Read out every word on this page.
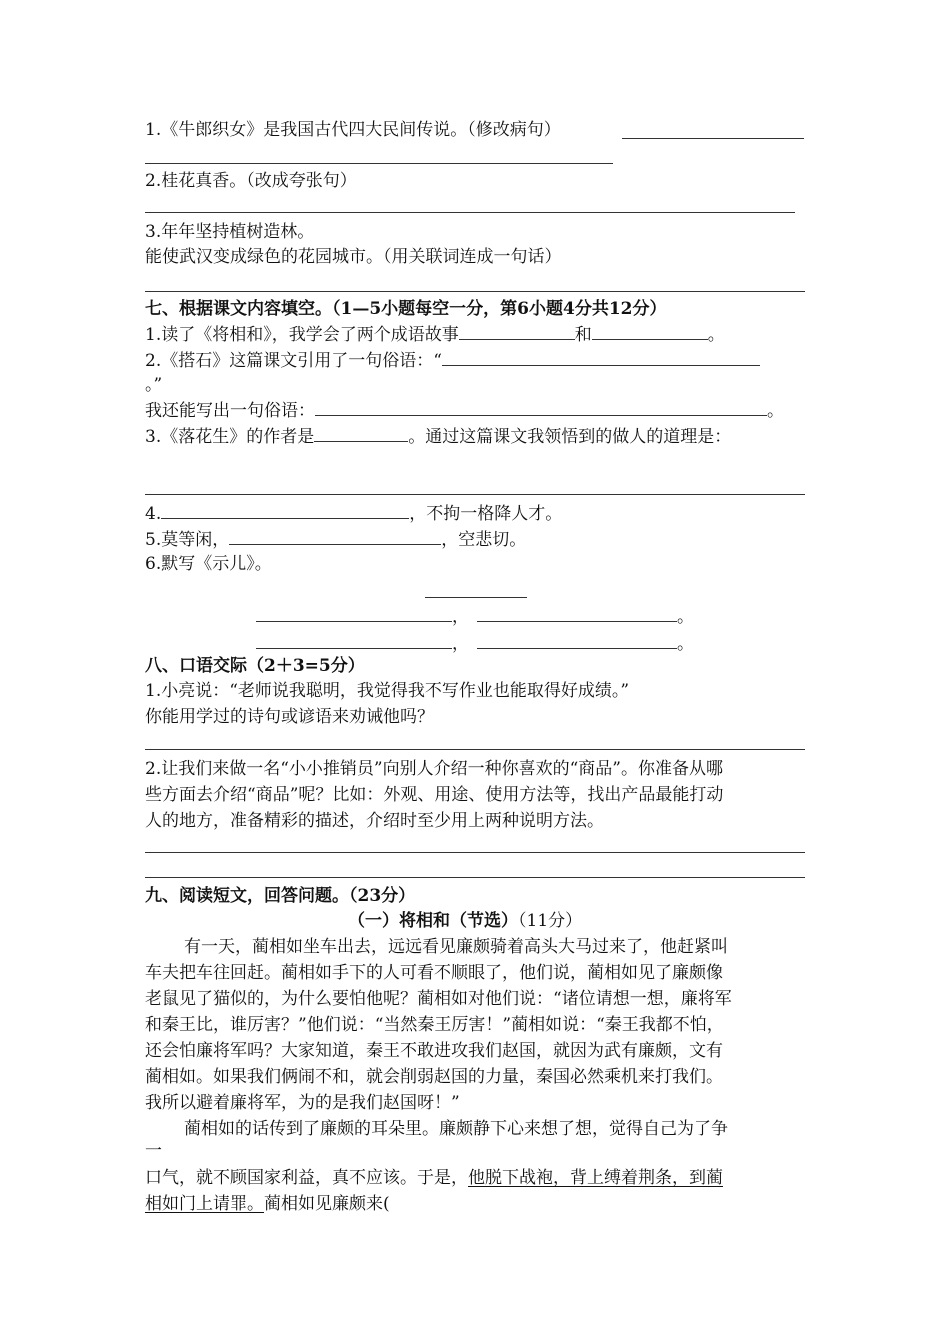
1.《牛郎织女》是我国古代四大民间传说。（修改病句）
2.桂花真香。（改成夸张句）
3.年年坚持植树造林。
能使武汉变成绿色的花园城市。（用关联词连成一句话）
七、根据课文内容填空。（1—5小题每空一分，第6小题4分共12分）
1.读了《将相和》，我学会了两个成语故事	和	。
2.《搭石》这篇课文引用了一句俗语：“
。”
我还能写出一句俗语：	。
3.《落花生》的作者是	。通过这篇课文我领悟到的做人的道理是：
4.	，不拘一格降人才。
5.莫等闲，	，空悲切。
6.默写《示儿》。
，	。
，	。
八、口语交际（2＋3=5分）
1.小亮说：“老师说我聪明，我觉得我不写作业也能取得好成绩。”
你能用学过的诗句或谚语来劝诫他吗？
2.让我们来做一名“小小推销员”向别人介绍一种你喜欢的“商品”。你准备从哪
些方面去介绍“商品”呢？比如：外观、用途、使用方法等，找出产品最能打动
人的地方，准备精彩的描述，介绍时至少用上两种说明方法。
九、阅读短文，回答问题。（23分）
（一）将相和（节选）（11分）
有一天，蔺相如坐车出去，远远看见廉颇骑着高头大马过来了，他赶紧叫
车夫把车往回赶。蔺相如手下的人可看不顺眼了，他们说，蔺相如见了廉颇像
老鼠见了猫似的，为什么要怕他呢？蔺相如对他们说：“诸位请想一想，廉将军
和秦王比，谁厉害？”他们说：“当然秦王厉害！”蔺相如说：“秦王我都不怕，
还会怕廉将军吗？大家知道，秦王不敢进攻我们赵国，就因为武有廉颇，文有
蔺相如。如果我们俩闹不和，就会削弱赵国的力量，秦国必然乘机来打我们。
我所以避着廉将军，为的是我们赵国呀！”
蔺相如的话传到了廉颇的耳朵里。廉颇静下心来想了想，觉得自己为了争
一
口气，就不顾国家利益，真不应该。于是，他脱下战袍，背上缚着荆条，到蔺
相如门上请罪。蔺相如见廉颇来(
